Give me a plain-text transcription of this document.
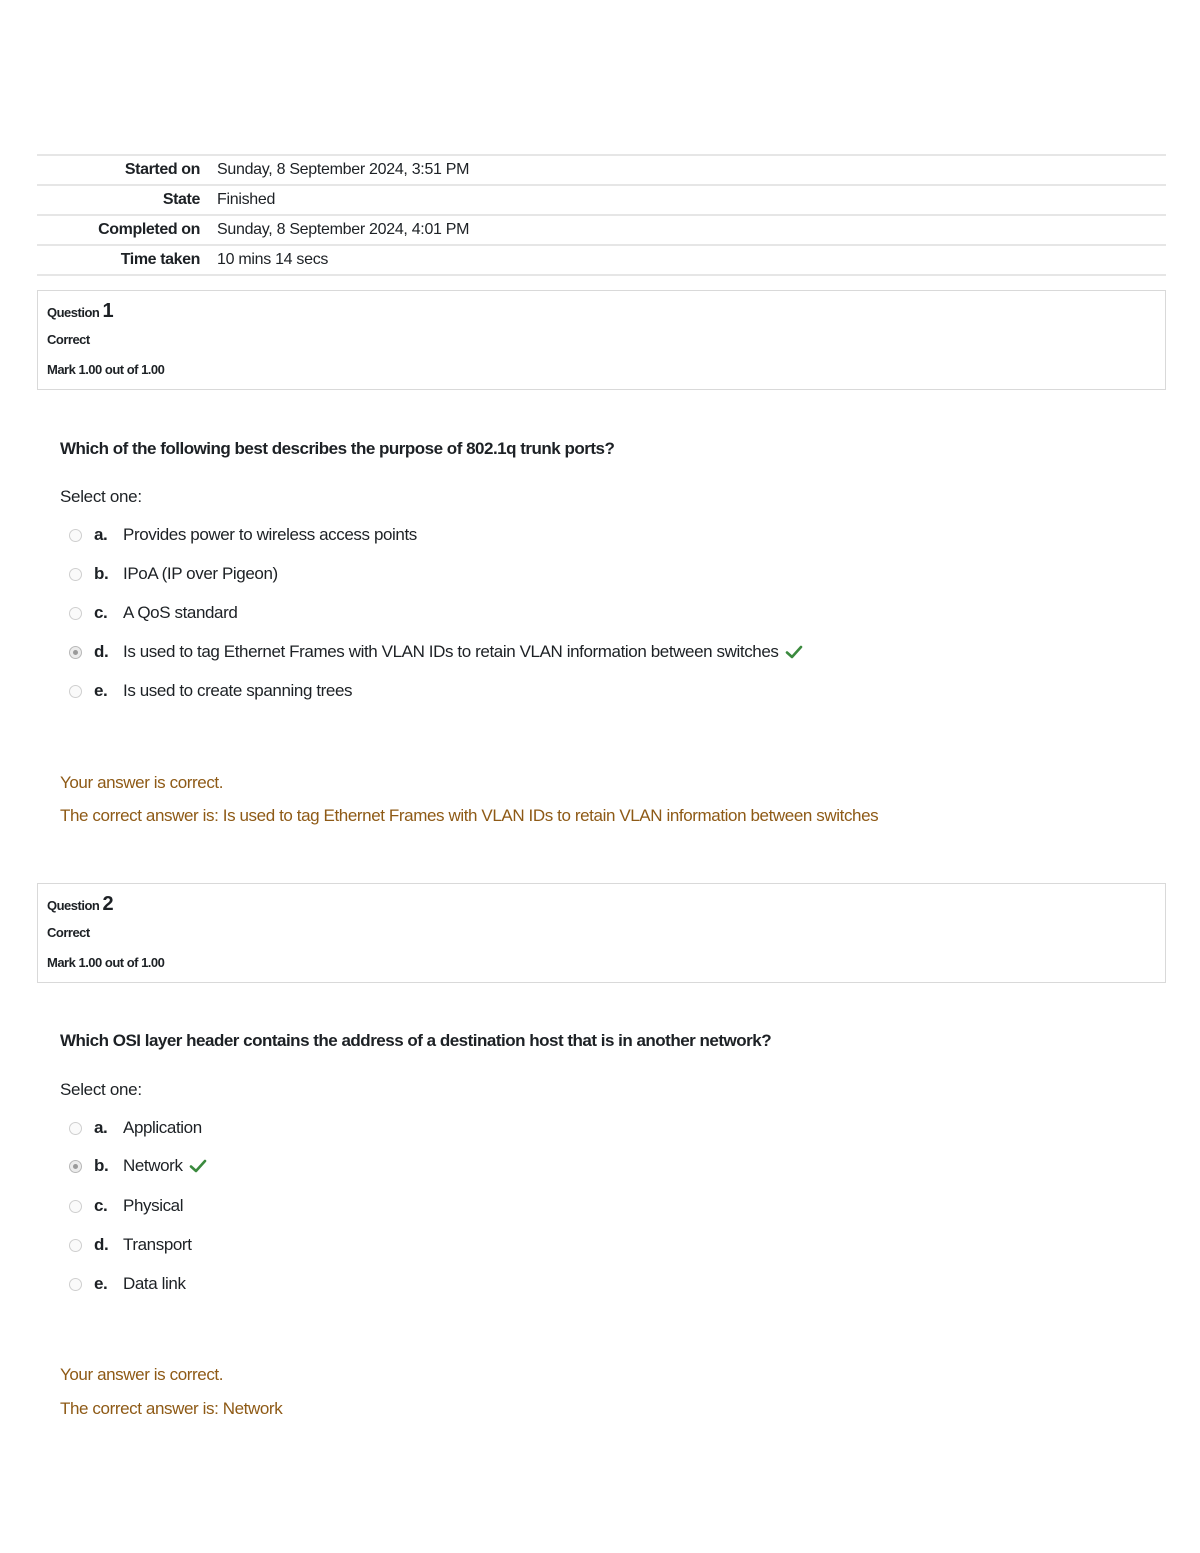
Started on	Sunday, 8 September 2024, 3:51 PM
State	Finished
Completed on	Sunday, 8 September 2024, 4:01 PM
Time taken	10 mins 14 secs
Question 1
Correct
Mark 1.00 out of 1.00
Which of the following best describes the purpose of 802.1q trunk ports?
Select one:
a. Provides power to wireless access points
b. IPoA (IP over Pigeon)
c. A QoS standard
d. Is used to tag Ethernet Frames with VLAN IDs to retain VLAN information between switches
e. Is used to create spanning trees
Your answer is correct.
The correct answer is: Is used to tag Ethernet Frames with VLAN IDs to retain VLAN information between switches
Question 2
Correct
Mark 1.00 out of 1.00
Which OSI layer header contains the address of a destination host that is in another network?
Select one:
a. Application
b. Network
c. Physical
d. Transport
e. Data link
Your answer is correct.
The correct answer is: Network
